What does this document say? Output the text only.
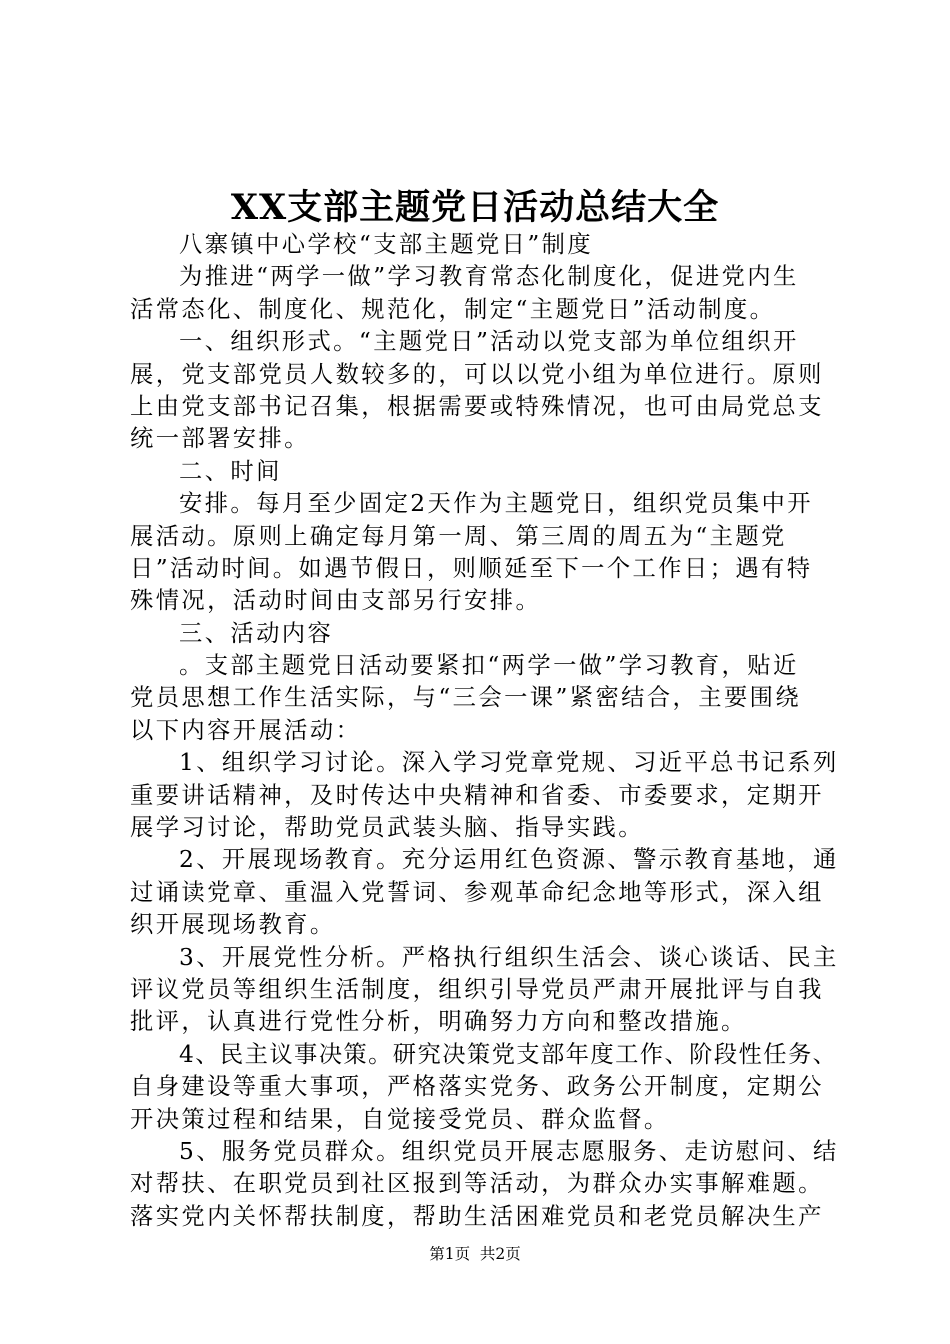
XX支部主题党日活动总结大全
八寨镇中心学校“支部主题党日”制度
为推进“两学一做”学习教育常态化制度化，促进党内生
活常态化、制度化、规范化，制定“主题党日”活动制度。
一、组织形式。“主题党日”活动以党支部为单位组织开
展，党支部党员人数较多的，可以以党小组为单位进行。原则
上由党支部书记召集，根据需要或特殊情况，也可由局党总支
统一部署安排。
二、时间
安排。每月至少固定2天作为主题党日，组织党员集中开
展活动。原则上确定每月第一周、第三周的周五为“主题党
日”活动时间。如遇节假日，则顺延至下一个工作日；遇有特
殊情况，活动时间由支部另行安排。
三、活动内容
。支部主题党日活动要紧扣“两学一做”学习教育，贴近
党员思想工作生活实际，与“三会一课”紧密结合，主要围绕
以下内容开展活动：
1、组织学习讨论。深入学习党章党规、习近平总书记系列
重要讲话精神，及时传达中央精神和省委、市委要求，定期开
展学习讨论，帮助党员武装头脑、指导实践。
2、开展现场教育。充分运用红色资源、警示教育基地，通
过诵读党章、重温入党誓词、参观革命纪念地等形式，深入组
织开展现场教育。
3、开展党性分析。严格执行组织生活会、谈心谈话、民主
评议党员等组织生活制度，组织引导党员严肃开展批评与自我
批评，认真进行党性分析，明确努力方向和整改措施。
4、民主议事决策。研究决策党支部年度工作、阶段性任务、
自身建设等重大事项，严格落实党务、政务公开制度，定期公
开决策过程和结果，自觉接受党员、群众监督。
5、服务党员群众。组织党员开展志愿服务、走访慰问、结
对帮扶、在职党员到社区报到等活动，为群众办实事解难题。
落实党内关怀帮扶制度，帮助生活困难党员和老党员解决生产
第1页  共2页
